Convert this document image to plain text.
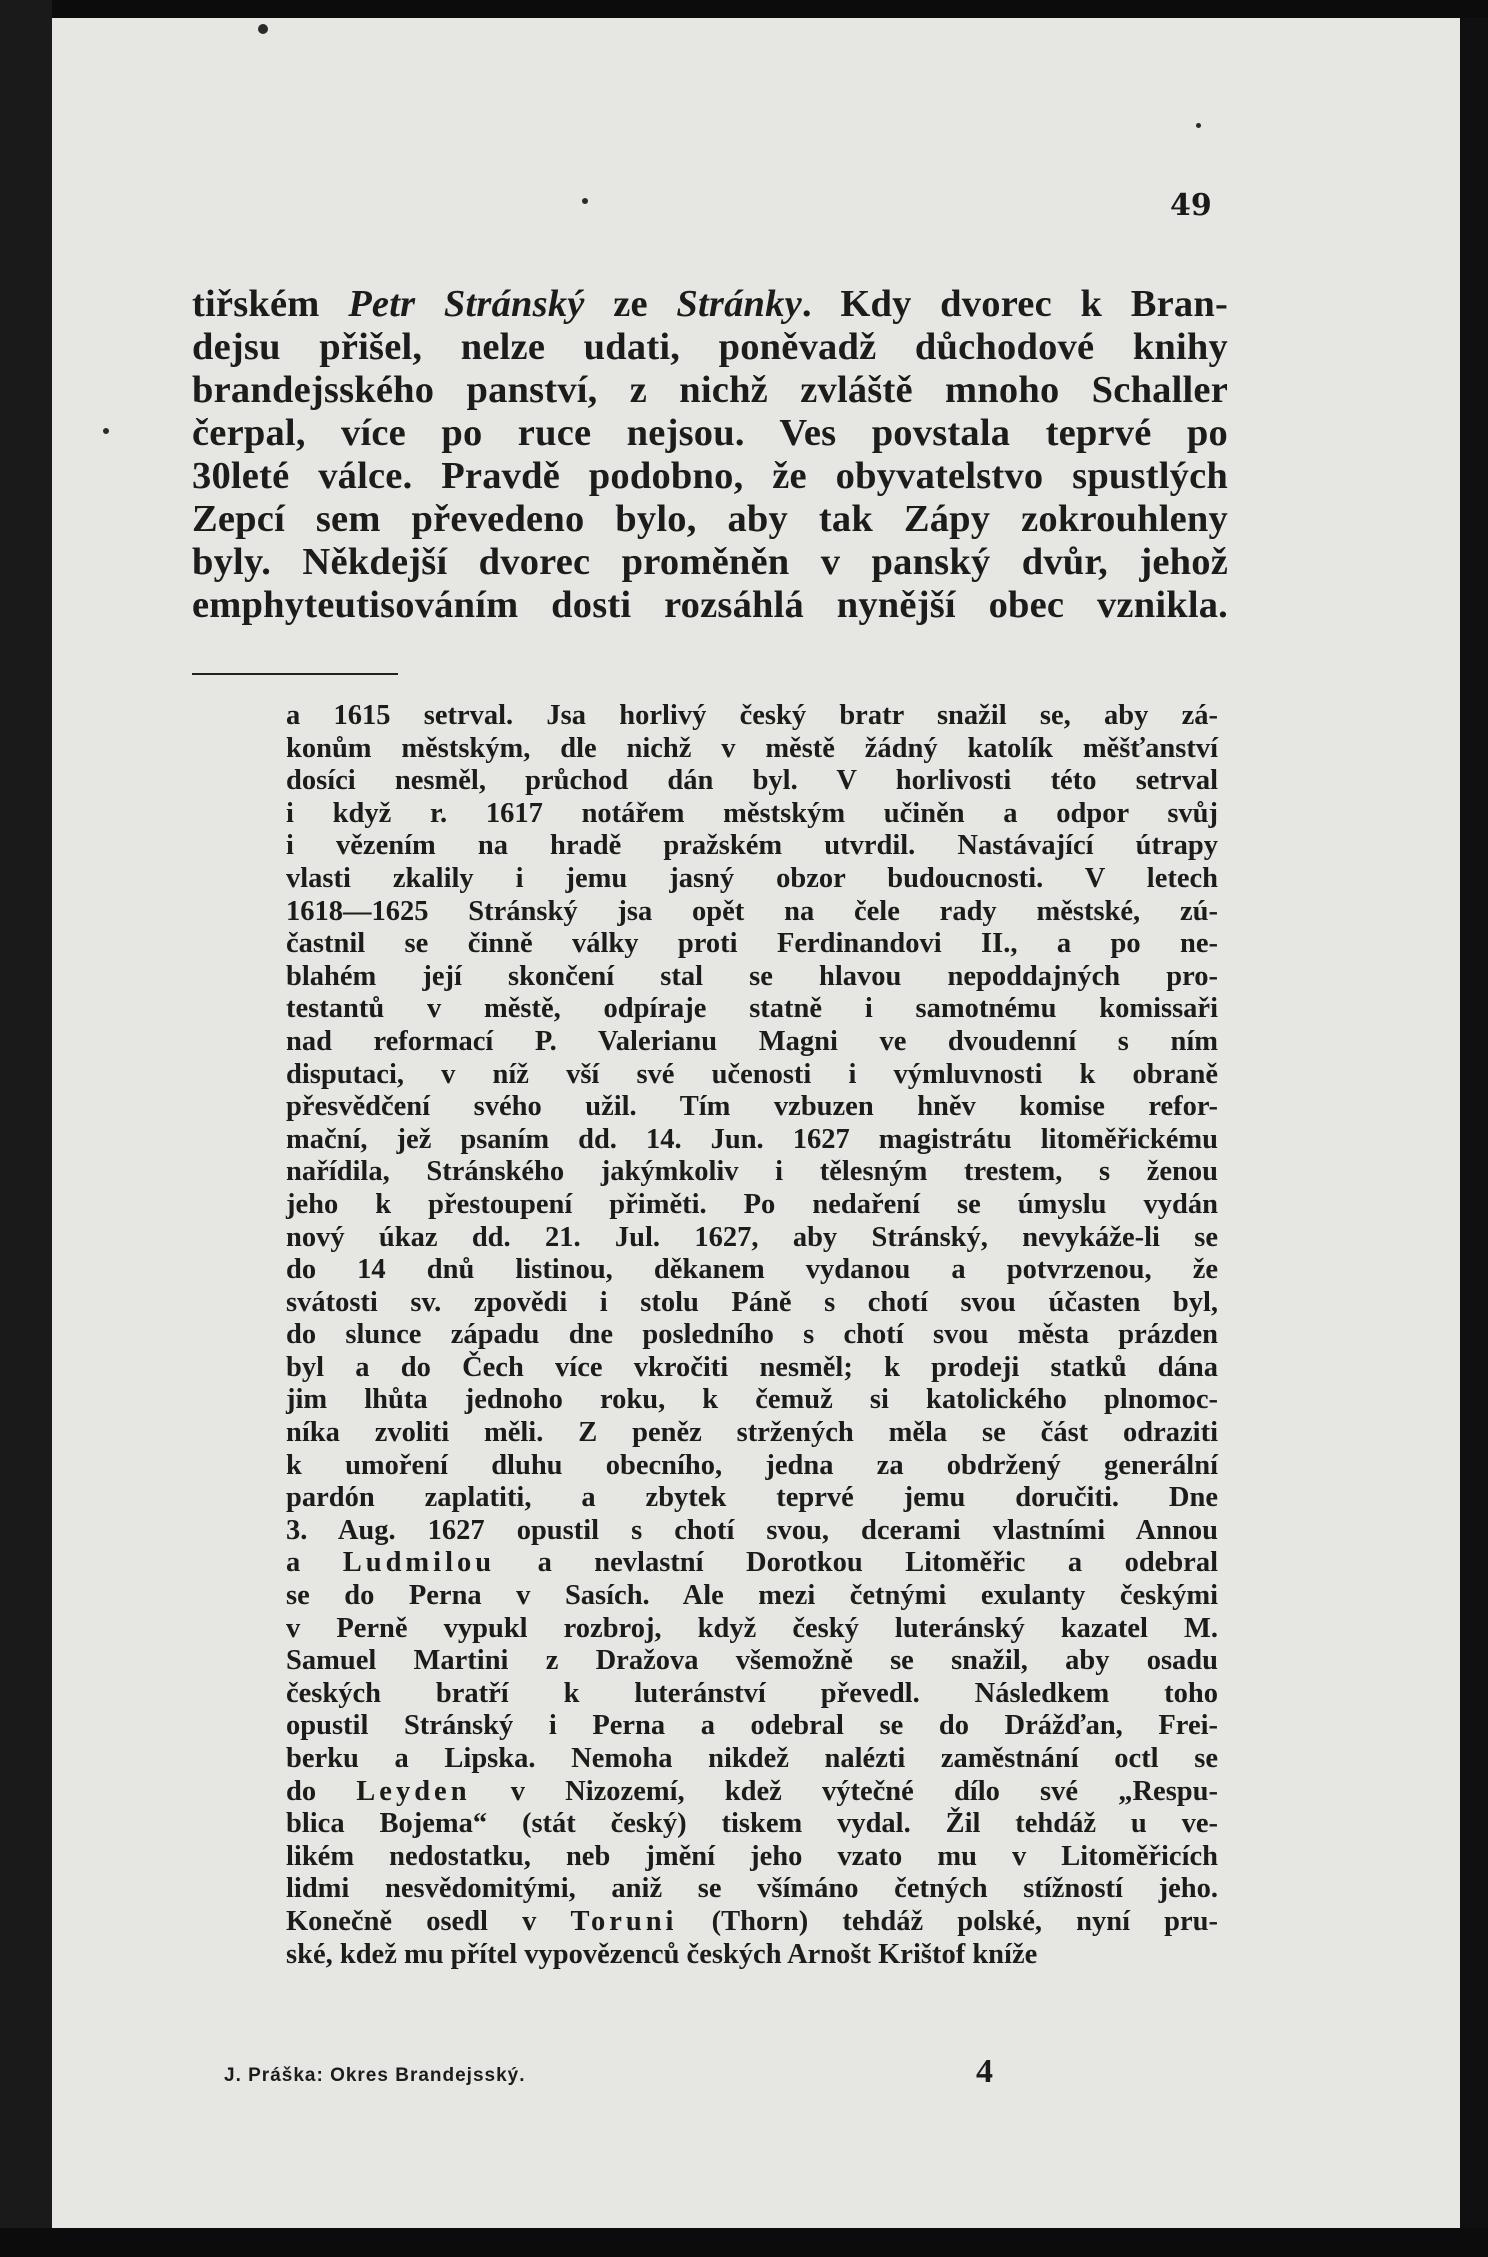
49
tiřském Petr Stránský ze Stránky. Kdy dvorec k Bran-
dejsu přišel, nelze udati, poněvadž důchodové knihy
brandejsského panství, z nichž zvláště mnoho Schaller
čerpal, více po ruce nejsou. Ves povstala teprvé po
30leté válce. Pravdě podobno, že obyvatelstvo spustlých
Zepcí sem převedeno bylo, aby tak Zápy zokrouhleny
byly. Někdejší dvorec proměněn v panský dvůr, jehož
emphyteutisováním dosti rozsáhlá nynější obec vznikla.
a 1615 setrval. Jsa horlivý český bratr snažil se, aby zá-
konům městským, dle nichž v městě žádný katolík měšťanství
dosíci nesměl, průchod dán byl. V horlivosti této setrval
i když r. 1617 notářem městským učiněn a odpor svůj
i vězením na hradě pražském utvrdil. Nastávající útrapy
vlasti zkalily i jemu jasný obzor budoucnosti. V letech
1618—1625 Stránský jsa opět na čele rady městské, zú-
častnil se činně války proti Ferdinandovi II., a po ne-
blahém její skončení stal se hlavou nepoddajných pro-
testantů v městě, odpíraje statně i samotnému komissaři
nad reformací P. Valerianu Magni ve dvoudenní s ním
disputaci, v níž vší své učenosti i výmluvnosti k obraně
přesvědčení svého užil. Tím vzbuzen hněv komise refor-
mační, jež psaním dd. 14. Jun. 1627 magistrátu litoměřickému
nařídila, Stránského jakýmkoliv i tělesným trestem, s ženou
jeho k přestoupení přiměti. Po nedaření se úmyslu vydán
nový úkaz dd. 21. Jul. 1627, aby Stránský, nevykáže-li se
do 14 dnů listinou, děkanem vydanou a potvrzenou, že
svátosti sv. zpovědi i stolu Páně s chotí svou účasten byl,
do slunce západu dne posledního s chotí svou města prázden
byl a do Čech více vkročiti nesměl; k prodeji statků dána
jim lhůta jednoho roku, k čemuž si katolického plnomoc-
níka zvoliti měli. Z peněz stržených měla se část odraziti
k umoření dluhu obecního, jedna za obdržený generální
pardón zaplatiti, a zbytek teprvé jemu doručiti. Dne
3. Aug. 1627 opustil s chotí svou, dcerami vlastními Annou
a Ludmilou a nevlastní Dorotkou Litoměřic a odebral
se do Perna v Sasích. Ale mezi četnými exulanty českými
v Perně vypukl rozbroj, když český luteránský kazatel M.
Samuel Martini z Dražova všemožně se snažil, aby osadu
českých bratří k luteránství převedl. Následkem toho
opustil Stránský i Perna a odebral se do Drážďan, Frei-
berku a Lipska. Nemoha nikdež nalézti zaměstnání octl se
do Leyden v Nizozemí, kdež výtečné dílo své „Respu-
blica Bojema“ (stát český) tiskem vydal. Žil tehdáž u ve-
likém nedostatku, neb jmění jeho vzato mu v Litoměřicích
lidmi nesvědomitými, aniž se všímáno četných stížností jeho.
Konečně osedl v Toruni (Thorn) tehdáž polské, nyní pru-
ské, kdež mu přítel vypovězenců českých Arnošt Krištof kníže
J. Práška: Okres Brandejsský.	4
